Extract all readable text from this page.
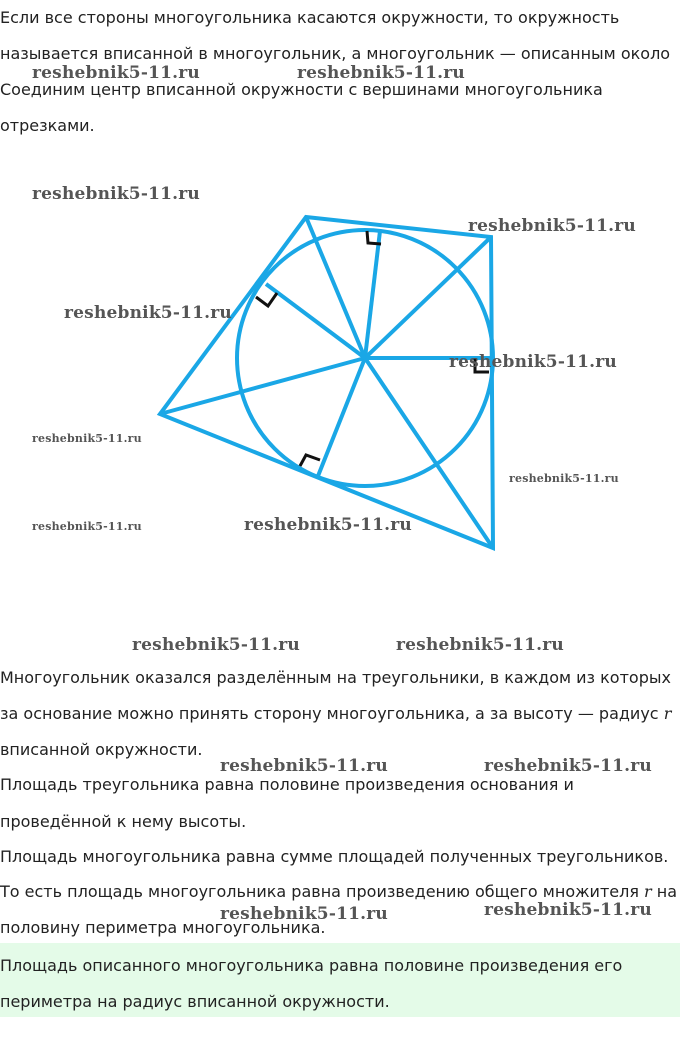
Если все стороны многоугольника касаются окружности, то окружность

называется вписанной в многоугольник, а многоугольник — описанным около

Соединим центр вписанной окружности с вершинами многоугольника

отрезками.

Многоугольник оказался разделённым на треугольники, в каждом из которых

за основание можно принять сторону многоугольника, а за высоту — радиус r

вписанной окружности.

Площадь треугольника равна половине произведения основания и

проведённой к нему высоты.

Площадь многоугольника равна сумме площадей полученных треугольников.

То есть площадь многоугольника равна произведению общего множителя r на

половину периметра многоугольника.

Площадь описанного многоугольника равна половине произведения его

периметра на радиус вписанной окружности.

reshebnik5-11.ru	reshebnik5-11.ru
reshebnik5-11.ru
reshebnik5-11.ru
reshebnik5-11.ru
reshebnik5-11.ru
reshebnik5-11.ru
reshebnik5-11.ru
reshebnik5-11.ru	reshebnik5-11.ru
reshebnik5-11.ru	reshebnik5-11.ru
reshebnik5-11.ru	reshebnik5-11.ru
reshebnik5-11.ru	reshebnik5-11.ru
